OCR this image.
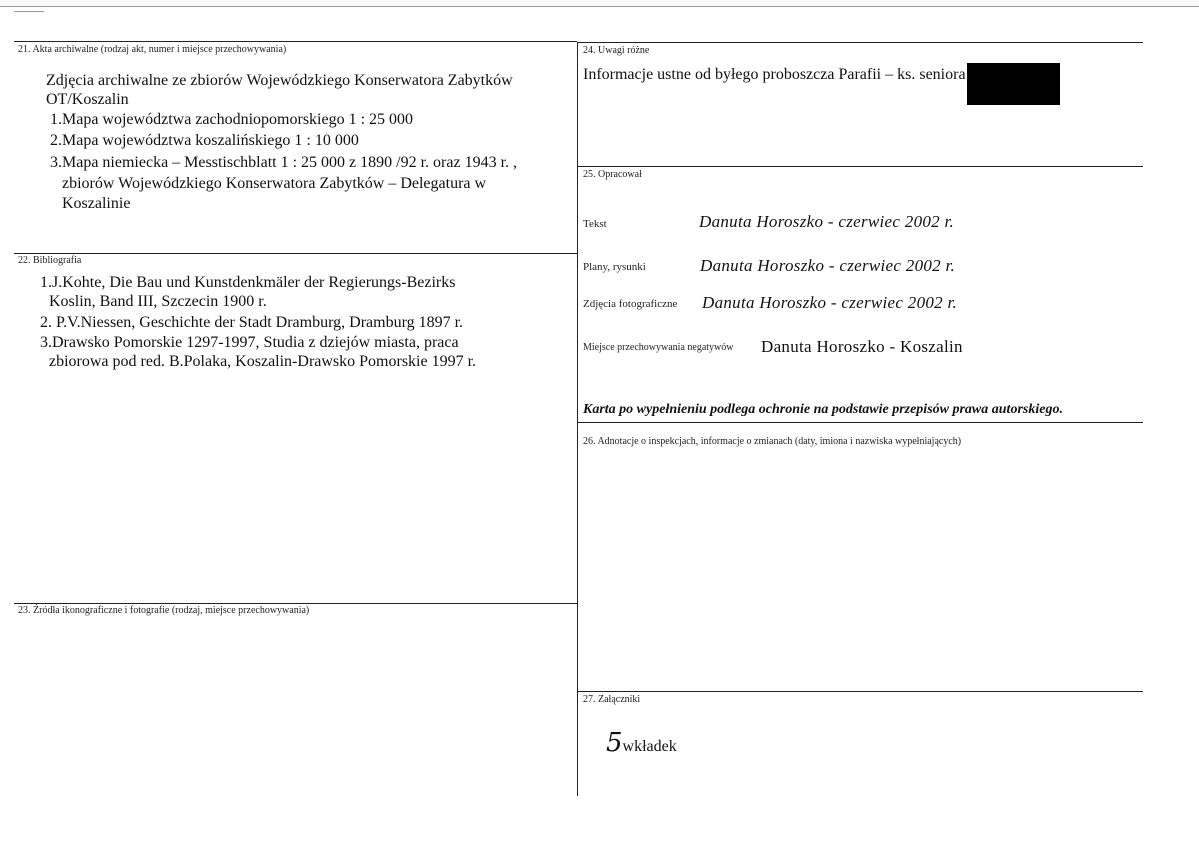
21. Akta archiwalne (rodzaj akt, numer i miejsce przechowywania)
Zdjęcia archiwalne ze zbiorów Wojewódzkiego Konserwatora Zabytków
OT/Koszalin
1.Mapa województwa zachodniopomorskiego 1 : 25 000
2.Mapa województwa koszalińskiego 1 : 10 000
3.Mapa niemiecka – Messtischblatt 1 : 25 000 z 1890 /92 r. oraz 1943 r. ,
zbiorów Wojewódzkiego Konserwatora Zabytków – Delegatura w
Koszalinie
22. Bibliografia
1.J.Kohte, Die Bau und Kunstdenkmäler der Regierungs-Bezirks
Koslin, Band III, Szczecin 1900 r.
2. P.V.Niessen, Geschichte der Stadt Dramburg, Dramburg 1897 r.
3.Drawsko Pomorskie 1297-1997, Studia z dziejów miasta, praca
zbiorowa pod red. B.Polaka, Koszalin-Drawsko Pomorskie 1997 r.
23. Źródła ikonograficzne i fotografie (rodzaj, miejsce przechowywania)
24. Uwagi różne
Informacje ustne od byłego proboszcza Parafii – ks. seniora
25. Opracował
Tekst	Danuta Horoszko - czerwiec 2002 r.
Plany, rysunki	Danuta Horoszko - czerwiec 2002 r.
Zdjęcia fotograficzne Danuta Horoszko - czerwiec 2002 r.
Miejsce przechowywania negatywów Danuta Horoszko - Koszalin
Karta po wypełnieniu podlega ochronie na podstawie przepisów prawa autorskiego.
26. Adnotacje o inspekcjach, informacje o zmianach (daty, imiona i nazwiska wypełniających)
27. Załączniki
5wkładek
